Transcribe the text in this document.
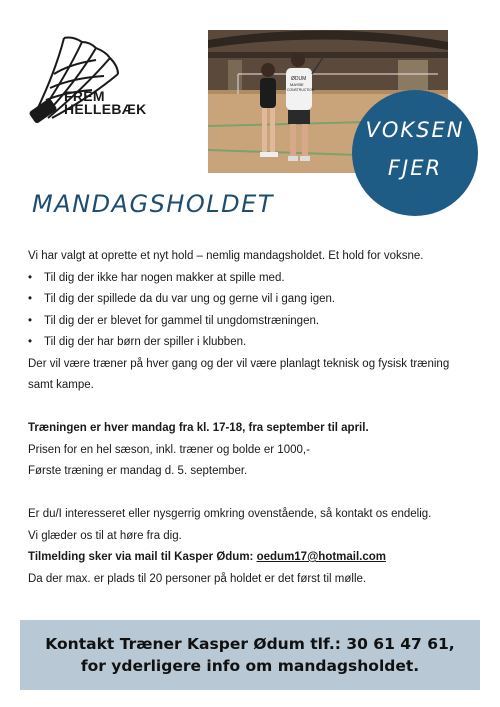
FREM
HELLEBÆK
ØDUM
MAYBE
CONSTRUCTION
VOKSEN
FJER
MANDAGSHOLDET

Vi har valgt at oprette et nyt hold – nemlig mandagsholdet. Et hold for voksne.

• Til dig der ikke har nogen makker at spille med.
• Til dig der spillede da du var ung og gerne vil i gang igen.
• Til dig der er blevet for gammel til ungdomstræningen.
• Til dig der har børn der spiller i klubben.

Der vil være træner på hver gang og der vil være planlagt teknisk og fysisk træning samt kampe.

Træningen er hver mandag fra kl. 17-18, fra september til april.

Prisen for en hel sæson, inkl. træner og bolde er 1000,-

Første træning er mandag d. 5. september.

Er du/I interesseret eller nysgerrig omkring ovenstående, så kontakt os endelig.

Vi glæder os til at høre fra dig.

Tilmelding sker via mail til Kasper Ødum: oedum17@hotmail.com

Da der max. er plads til 20 personer på holdet er det først til mølle.

Kontakt Træner Kasper Ødum tlf.: 30 61 47 61,
for yderligere info om mandagsholdet.
